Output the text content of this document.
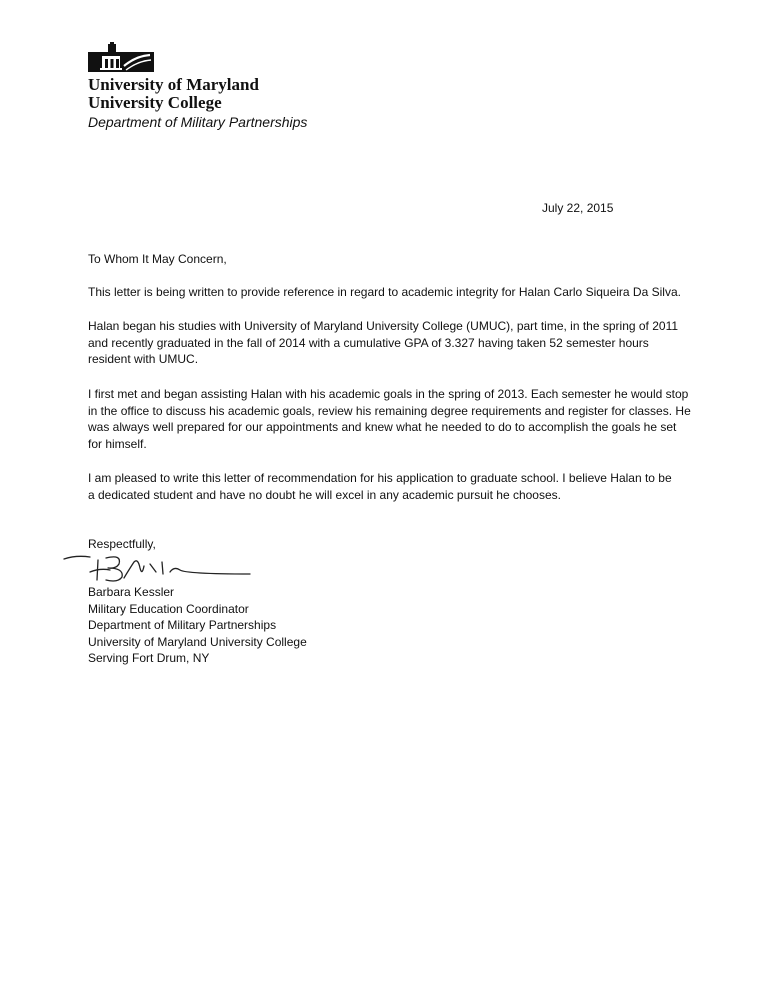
University of Maryland
University College
Department of Military Partnerships
July 22, 2015
To Whom It May Concern,
This letter is being written to provide reference in regard to academic integrity for Halan Carlo Siqueira Da Silva.
Halan began his studies with University of Maryland University College (UMUC), part time, in the spring of 2011
and recently graduated in the fall of 2014 with a cumulative GPA of 3.327 having taken 52 semester hours
resident with UMUC.
I first met and began assisting Halan with his academic goals in the spring of 2013. Each semester he would stop
in the office to discuss his academic goals, review his remaining degree requirements and register for classes. He
was always well prepared for our appointments and knew what he needed to do to accomplish the goals he set
for himself.
I am pleased to write this letter of recommendation for his application to graduate school. I believe Halan to be
a dedicated student and have no doubt he will excel in any academic pursuit he chooses.
Respectfully,
Barbara Kessler
Military Education Coordinator
Department of Military Partnerships
University of Maryland University College
Serving Fort Drum, NY
